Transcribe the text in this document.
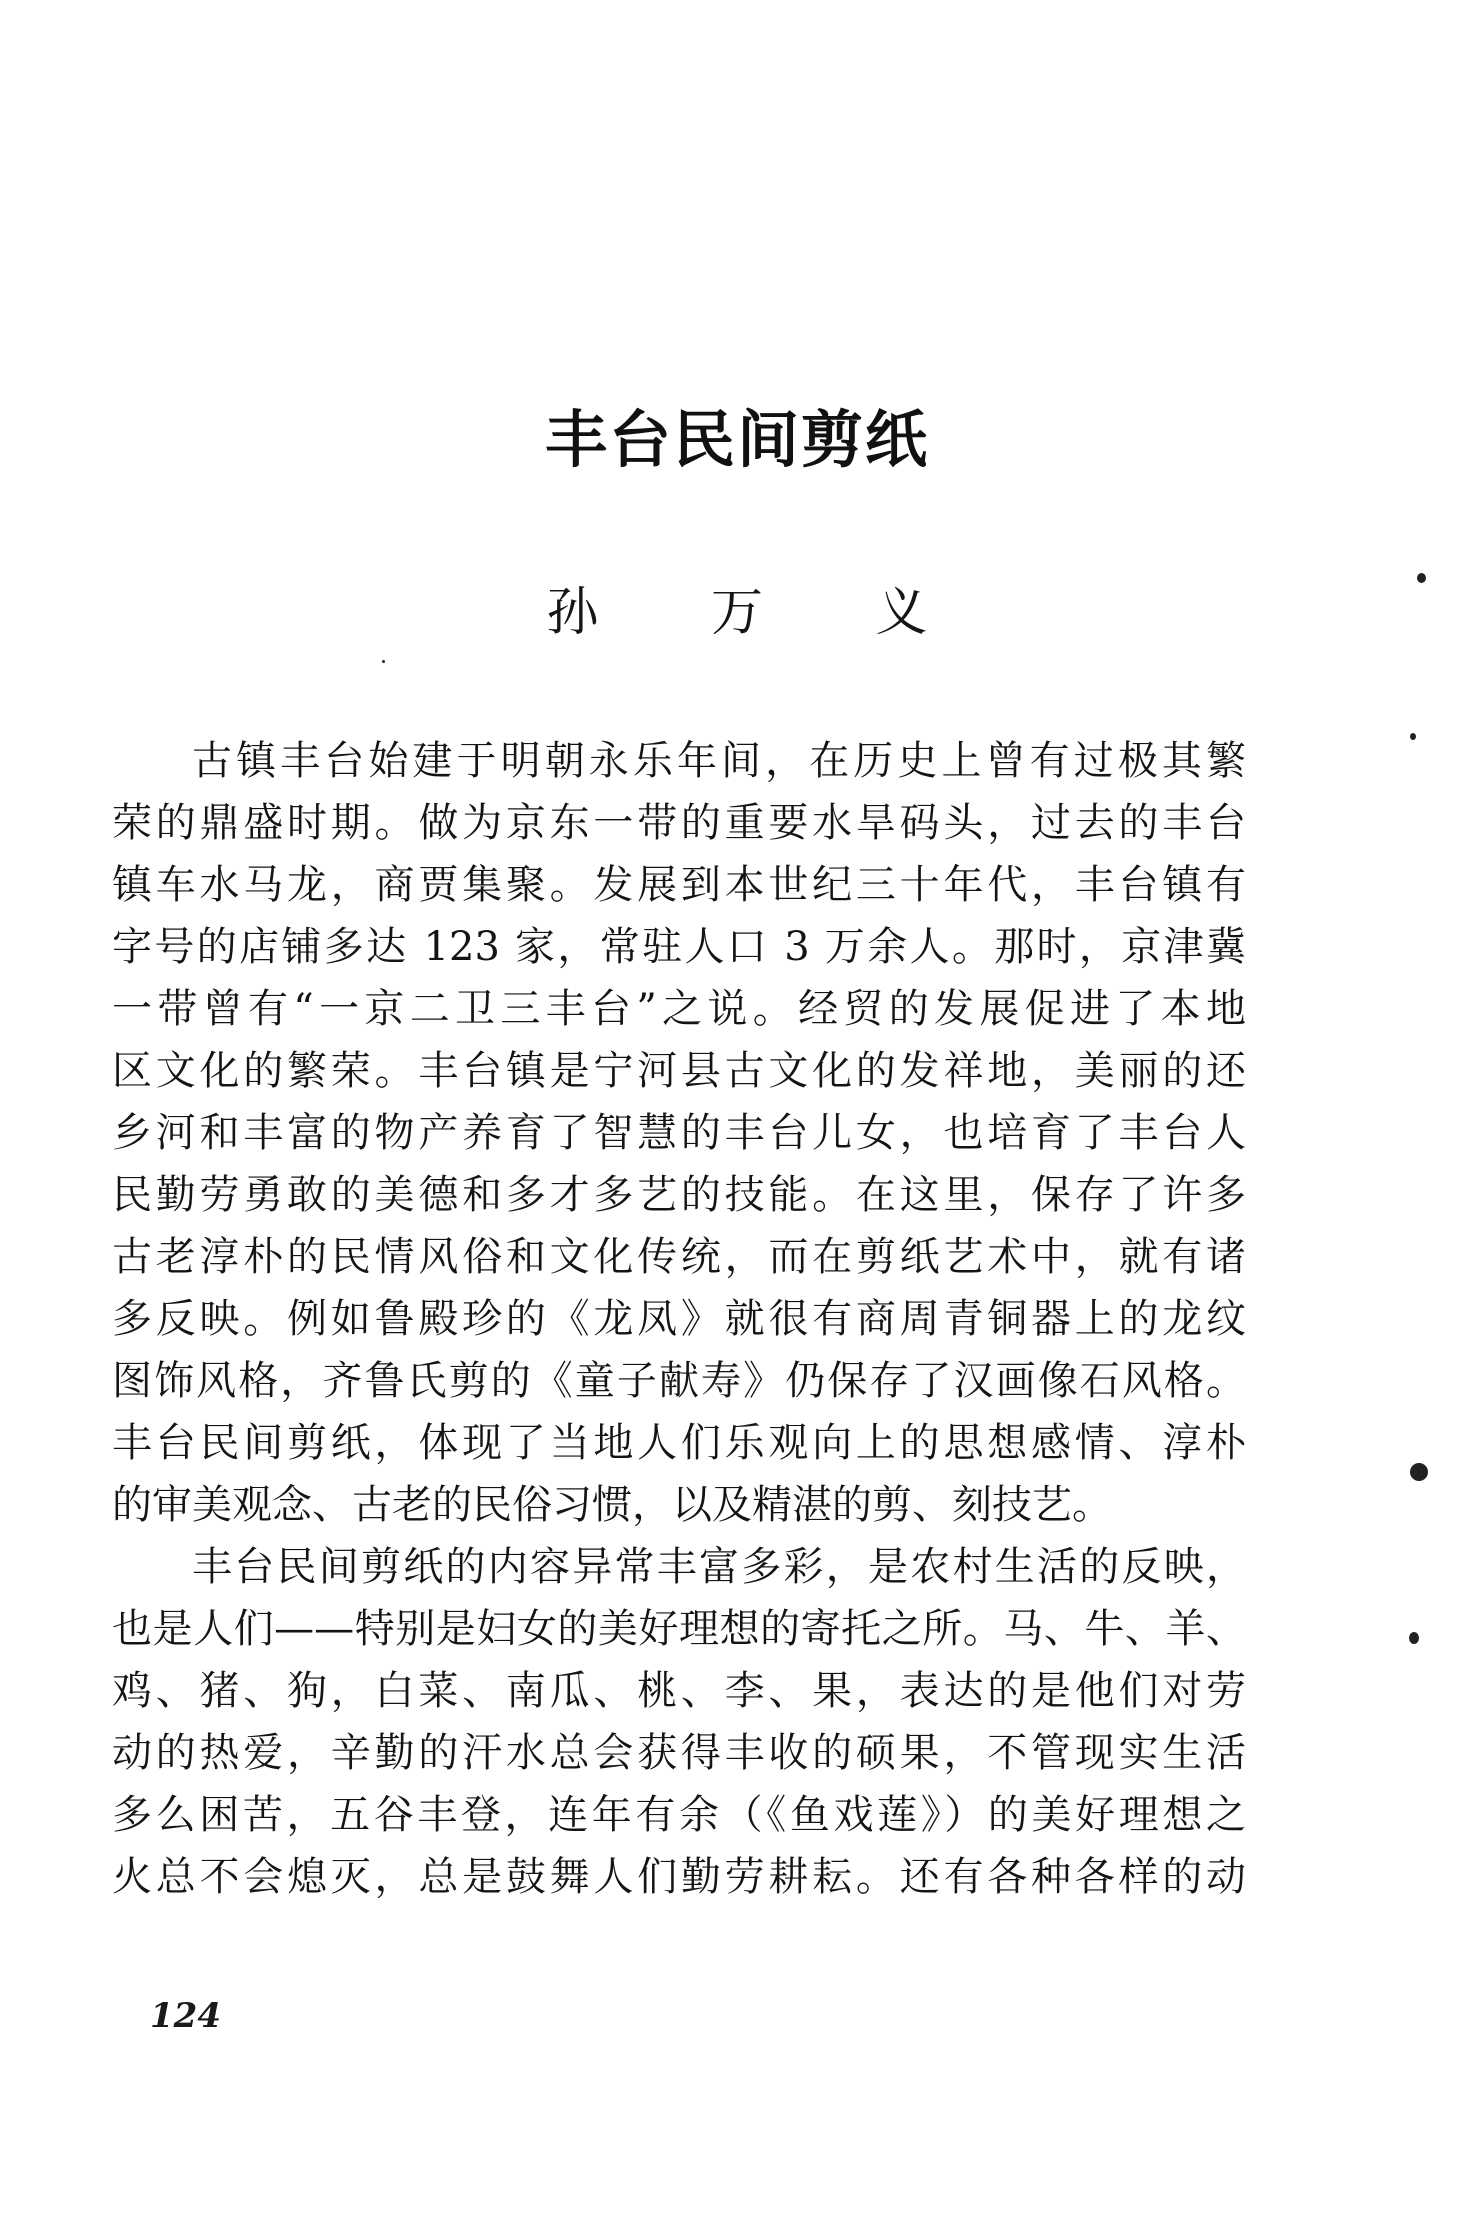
丰台民间剪纸
孙 万 义
古镇丰台始建于明朝永乐年间，在历史上曾有过极其繁
荣的鼎盛时期。做为京东一带的重要水旱码头，过去的丰台
镇车水马龙，商贾集聚。发展到本世纪三十年代，丰台镇有
字号的店铺多达 123 家，常驻人口 3 万余人。那时，京津冀
一带曾有“一京二卫三丰台”之说。经贸的发展促进了本地
区文化的繁荣。丰台镇是宁河县古文化的发祥地，美丽的还
乡河和丰富的物产养育了智慧的丰台儿女，也培育了丰台人
民勤劳勇敢的美德和多才多艺的技能。在这里，保存了许多
古老淳朴的民情风俗和文化传统，而在剪纸艺术中，就有诸
多反映。例如鲁殿珍的《龙凤》就很有商周青铜器上的龙纹
图饰风格，齐鲁氏剪的《童子献寿》仍保存了汉画像石风格。
丰台民间剪纸，体现了当地人们乐观向上的思想感情、淳朴
的审美观念、古老的民俗习惯，以及精湛的剪、刻技艺。
丰台民间剪纸的内容异常丰富多彩，是农村生活的反映，
也是人们——特别是妇女的美好理想的寄托之所。马、牛、羊、
鸡、猪、狗，白菜、南瓜、桃、李、果，表达的是他们对劳
动的热爱，辛勤的汗水总会获得丰收的硕果，不管现实生活
多么困苦，五谷丰登，连年有余（《鱼戏莲》）的美好理想之
火总不会熄灭，总是鼓舞人们勤劳耕耘。还有各种各样的动
124
